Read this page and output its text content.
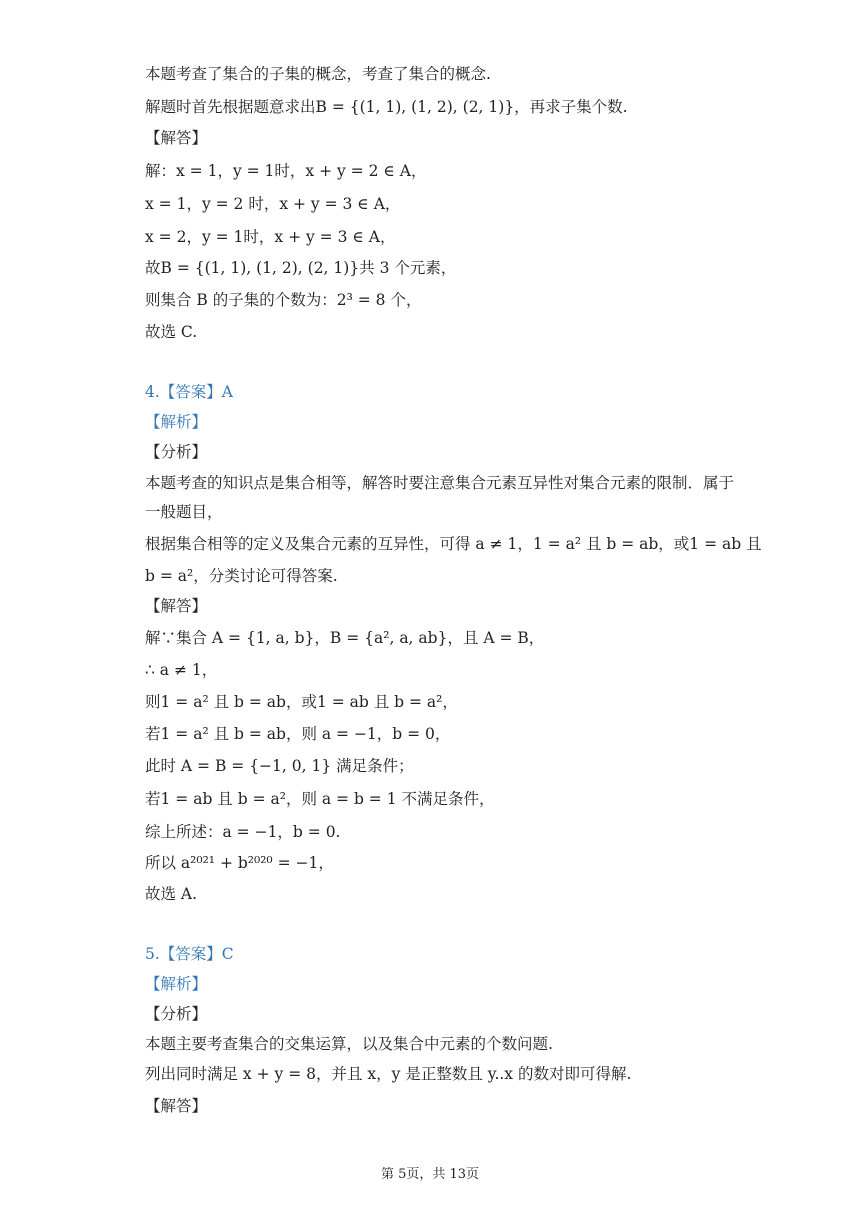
本题考查了集合的子集的概念，考查了集合的概念.
解题时首先根据题意求出B = {(1, 1), (1, 2), (2, 1)}，再求子集个数.
【解答】
解：x = 1，y = 1时，x + y = 2 ∈ A，
x = 1，y = 2 时，x + y = 3 ∈ A，
x = 2，y = 1时，x + y = 3 ∈ A，
故B = {(1, 1), (1, 2), (2, 1)}共 3 个元素，
则集合 B 的子集的个数为：2³ = 8 个，
故选 C.
4.【答案】A
【解析】
【分析】
本题考查的知识点是集合相等，解答时要注意集合元素互异性对集合元素的限制．属于
一般题目，
根据集合相等的定义及集合元素的互异性，可得 a ≠ 1，1 = a² 且 b = ab，或1 = ab 且
b = a²，分类讨论可得答案.
【解答】
解∵集合 A = {1, a, b}，B = {a², a, ab}，且 A = B，
∴ a ≠ 1，
则1 = a² 且 b = ab，或1 = ab 且 b = a²，
若1 = a² 且 b = ab，则 a = −1，b = 0，
此时 A = B = {−1, 0, 1} 满足条件；
若1 = ab 且 b = a²，则 a = b = 1 不满足条件，
综上所述：a = −1，b = 0.
所以 a²⁰²¹ + b²⁰²⁰ = −1，
故选 A.
5.【答案】C
【解析】
【分析】
本题主要考查集合的交集运算，以及集合中元素的个数问题.
列出同时满足 x + y = 8，并且 x，y 是正整数且 y..x 的数对即可得解.
【解答】
第 5页，共 13页
